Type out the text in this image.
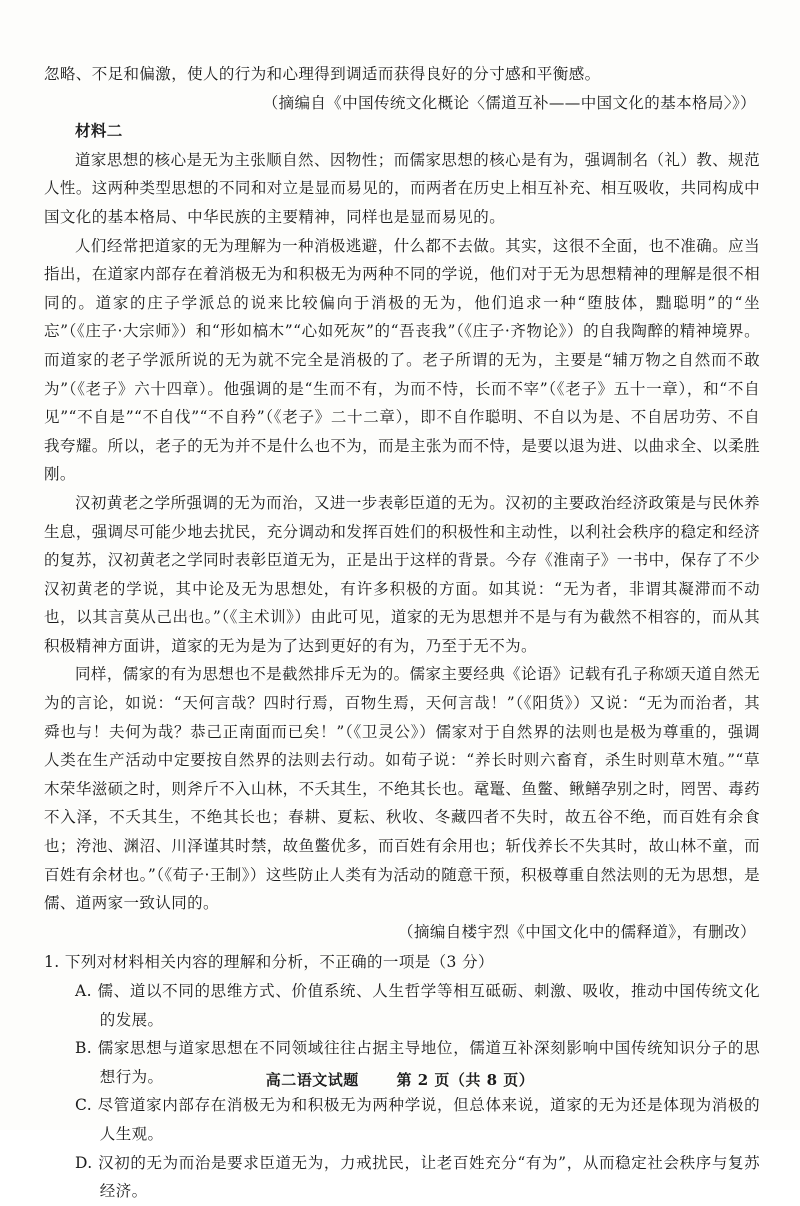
忽略、不足和偏激，使人的行为和心理得到调适而获得良好的分寸感和平衡感。

（摘编自《中国传统文化概论〈儒道互补——中国文化的基本格局〉》）

材料二

道家思想的核心是无为主张顺自然、因物性；而儒家思想的核心是有为，强调制名（礼）教、规范人性。这两种类型思想的不同和对立是显而易见的，而两者在历史上相互补充、相互吸收，共同构成中国文化的基本格局、中华民族的主要精神，同样也是显而易见的。

人们经常把道家的无为理解为一种消极逃避，什么都不去做。其实，这很不全面，也不准确。应当指出，在道家内部存在着消极无为和积极无为两种不同的学说，他们对于无为思想精神的理解是很不相同的。道家的庄子学派总的说来比较偏向于消极的无为，他们追求一种“堕肢体，黜聪明”的“坐忘”（《庄子·大宗师》）和“形如槁木”“心如死灰”的“吾丧我”（《庄子·齐物论》）的自我陶醉的精神境界。而道家的老子学派所说的无为就不完全是消极的了。老子所谓的无为，主要是“辅万物之自然而不敢为”（《老子》六十四章）。他强调的是“生而不有，为而不恃，长而不宰”（《老子》五十一章），和“不自见”“不自是”“不自伐”“不自矜”（《老子》二十二章），即不自作聪明、不自以为是、不自居功劳、不自我夸耀。所以，老子的无为并不是什么也不为，而是主张为而不恃，是要以退为进、以曲求全、以柔胜刚。

汉初黄老之学所强调的无为而治，又进一步表彰臣道的无为。汉初的主要政治经济政策是与民休养生息，强调尽可能少地去扰民，充分调动和发挥百姓们的积极性和主动性，以利社会秩序的稳定和经济的复苏，汉初黄老之学同时表彰臣道无为，正是出于这样的背景。今存《淮南子》一书中，保存了不少汉初黄老的学说，其中论及无为思想处，有许多积极的方面。如其说：“无为者，非谓其凝滞而不动也，以其言莫从己出也。”（《主术训》）由此可见，道家的无为思想并不是与有为截然不相容的，而从其积极精神方面讲，道家的无为是为了达到更好的有为，乃至于无不为。

同样，儒家的有为思想也不是截然排斥无为的。儒家主要经典《论语》记载有孔子称颂天道自然无为的言论，如说：“天何言哉？四时行焉，百物生焉，天何言哉！”（《阳货》）又说：“无为而治者，其舜也与！夫何为哉？恭己正南面而已矣！”（《卫灵公》）儒家对于自然界的法则也是极为尊重的，强调人类在生产活动中定要按自然界的法则去行动。如荀子说：“养长时则六畜育，杀生时则草木殖。”“草木荣华滋硕之时，则斧斤不入山林，不夭其生，不绝其长也。鼋鼍、鱼鳖、鳅鳝孕别之时，罔罟、毒药不入泽，不夭其生，不绝其长也；春耕、夏耘、秋收、冬藏四者不失时，故五谷不绝，而百姓有余食也；洿池、渊沼、川泽谨其时禁，故鱼鳖优多，而百姓有余用也；斩伐养长不失其时，故山林不童，而百姓有余材也。”（《荀子·王制》）这些防止人类有为活动的随意干预，积极尊重自然法则的无为思想，是儒、道两家一致认同的。

（摘编自楼宇烈《中国文化中的儒释道》，有删改）

1. 下列对材料相关内容的理解和分析，不正确的一项是（3 分）

A. 儒、道以不同的思维方式、价值系统、人生哲学等相互砥砺、刺激、吸收，推动中国传统文化的发展。

B. 儒家思想与道家思想在不同领域往往占据主导地位，儒道互补深刻影响中国传统知识分子的思想行为。

C. 尽管道家内部存在消极无为和积极无为两种学说，但总体来说，道家的无为还是体现为消极的人生观。

D. 汉初的无为而治是要求臣道无为，力戒扰民，让老百姓充分“有为”，从而稳定社会秩序与复苏经济。

高二语文试题	第 2 页（共 8 页）
